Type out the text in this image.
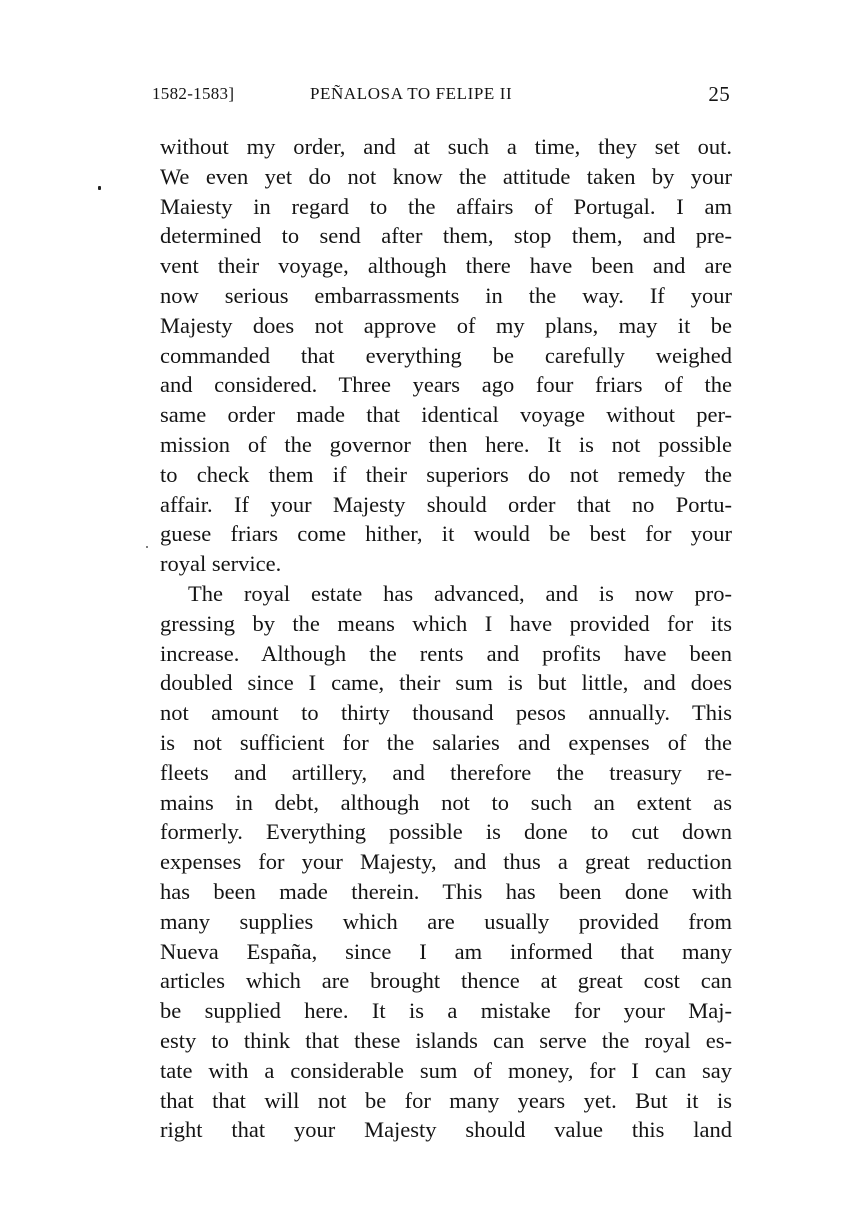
1582-1583]	PEÑALOSA TO FELIPE II	25
without my order, and at such a time, they set out.
We even yet do not know the attitude taken by your
Maiesty in regard to the affairs of Portugal. I am
determined to send after them, stop them, and pre-
vent their voyage, although there have been and are
now serious embarrassments in the way. If your
Majesty does not approve of my plans, may it be
commanded that everything be carefully weighed
and considered. Three years ago four friars of the
same order made that identical voyage without per-
mission of the governor then here. It is not possible
to check them if their superiors do not remedy the
affair. If your Majesty should order that no Portu-
guese friars come hither, it would be best for your
royal service.
The royal estate has advanced, and is now pro-
gressing by the means which I have provided for its
increase. Although the rents and profits have been
doubled since I came, their sum is but little, and does
not amount to thirty thousand pesos annually. This
is not sufficient for the salaries and expenses of the
fleets and artillery, and therefore the treasury re-
mains in debt, although not to such an extent as
formerly. Everything possible is done to cut down
expenses for your Majesty, and thus a great reduction
has been made therein. This has been done with
many supplies which are usually provided from
Nueva España, since I am informed that many
articles which are brought thence at great cost can
be supplied here. It is a mistake for your Maj-
esty to think that these islands can serve the royal es-
tate with a considerable sum of money, for I can say
that that will not be for many years yet. But it is
right that your Majesty should value this land
